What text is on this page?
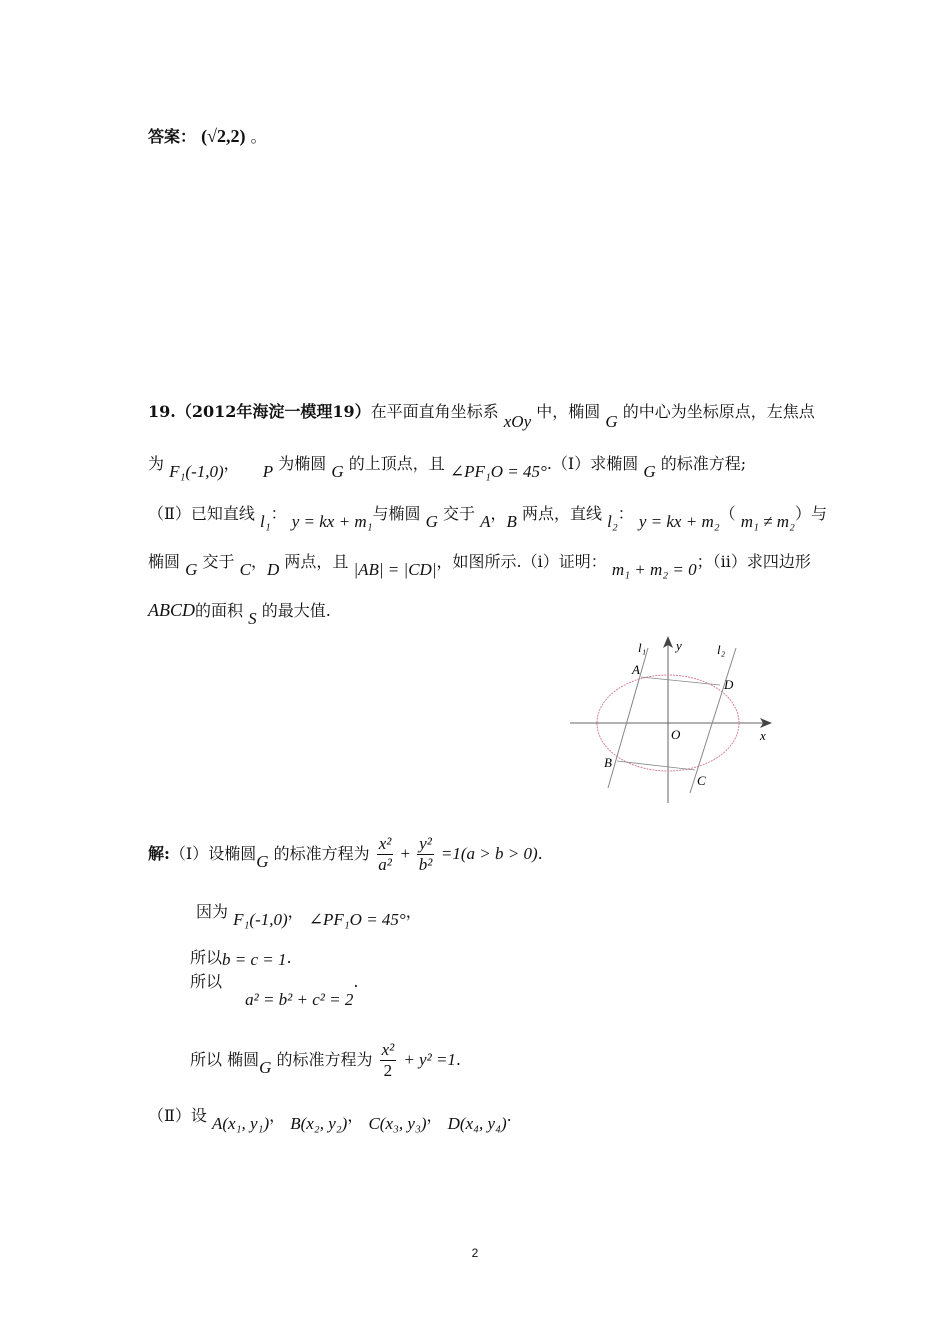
答案： (√2,2) 。
19.（2012年海淀一模理19）在平面直角坐标系 xOy 中，椭圆 G 的中心为坐标原点，左焦点
为 F₁(-1,0)， P 为椭圆 G 的上顶点，且 ∠PF₁O = 45°.（Ⅰ）求椭圆 G 的标准方程;
（Ⅱ）已知直线 l₁： y = kx + m₁与椭圆 G 交于 A，B 两点，直线 l₂： y = kx + m₂（ m₁ ≠ m₂）与
椭圆 G 交于 C，D 两点，且 |AB| = |CD|，如图所示.（ⅰ）证明： m₁ + m₂ = 0；（ⅱ）求四边形
ABCD的面积 S 的最大值.
l₁ y	l₂
A
D
O	x
B
C
解:（Ⅰ）设椭圆G 的标准方程为 $\frac{\text{x²}}{\text{a²}} + \frac{\text{y²}}{\text{b²}} =1(a > b > 0)$.
因为 F₁(-1,0)， ∠PF₁O = 45°，
所以b = c = 1.
所以 a² = b² + c² = 2.
所以 椭圆G 的标准方程为 $\frac{\text{x²}}{2} + y^2 =1$.
（Ⅱ）设 A(x₁, y₁)， B(x₂, y₂)， C(x₃, y₃)， D(x₄, y₄).
2
